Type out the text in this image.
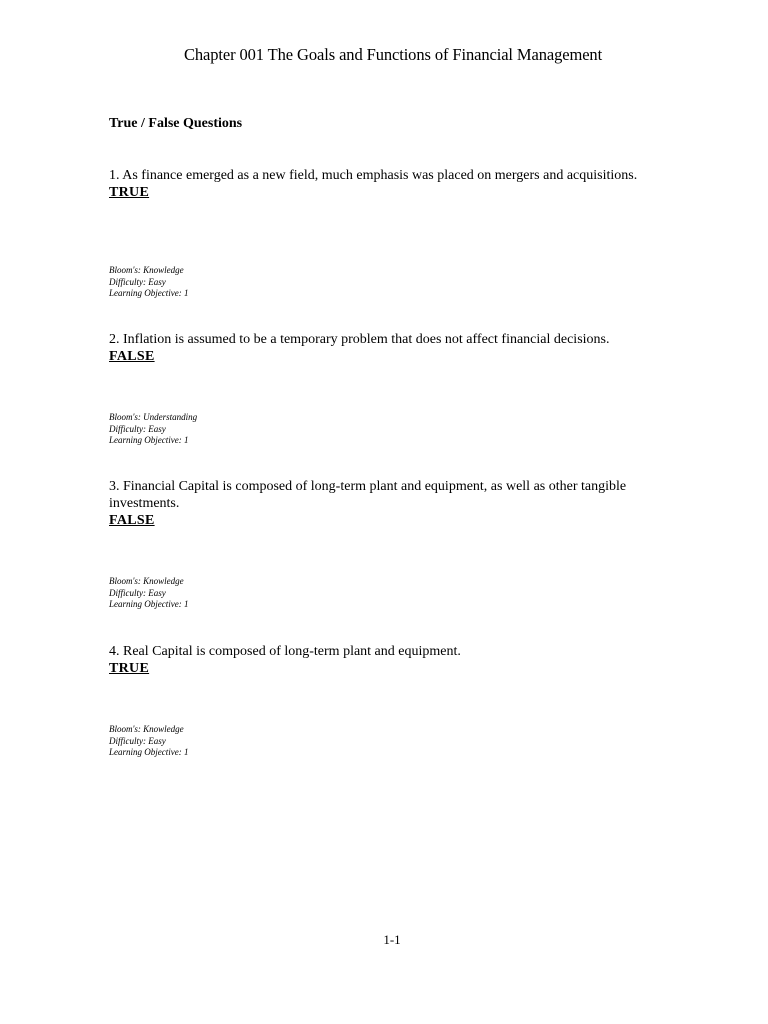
Chapter 001 The Goals and Functions of Financial Management
True / False Questions

1. As finance emerged as a new field, much emphasis was placed on mergers and acquisitions.

TRUE

Bloom's: Knowledge
Difficulty: Easy
Learning Objective: 1

2. Inflation is assumed to be a temporary problem that does not affect financial decisions.

FALSE

Bloom's: Understanding
Difficulty: Easy
Learning Objective: 1

3. Financial Capital is composed of long-term plant and equipment, as well as other tangible investments.

FALSE

Bloom's: Knowledge
Difficulty: Easy
Learning Objective: 1

4. Real Capital is composed of long-term plant and equipment.

TRUE

Bloom's: Knowledge
Difficulty: Easy
Learning Objective: 1
1-1
